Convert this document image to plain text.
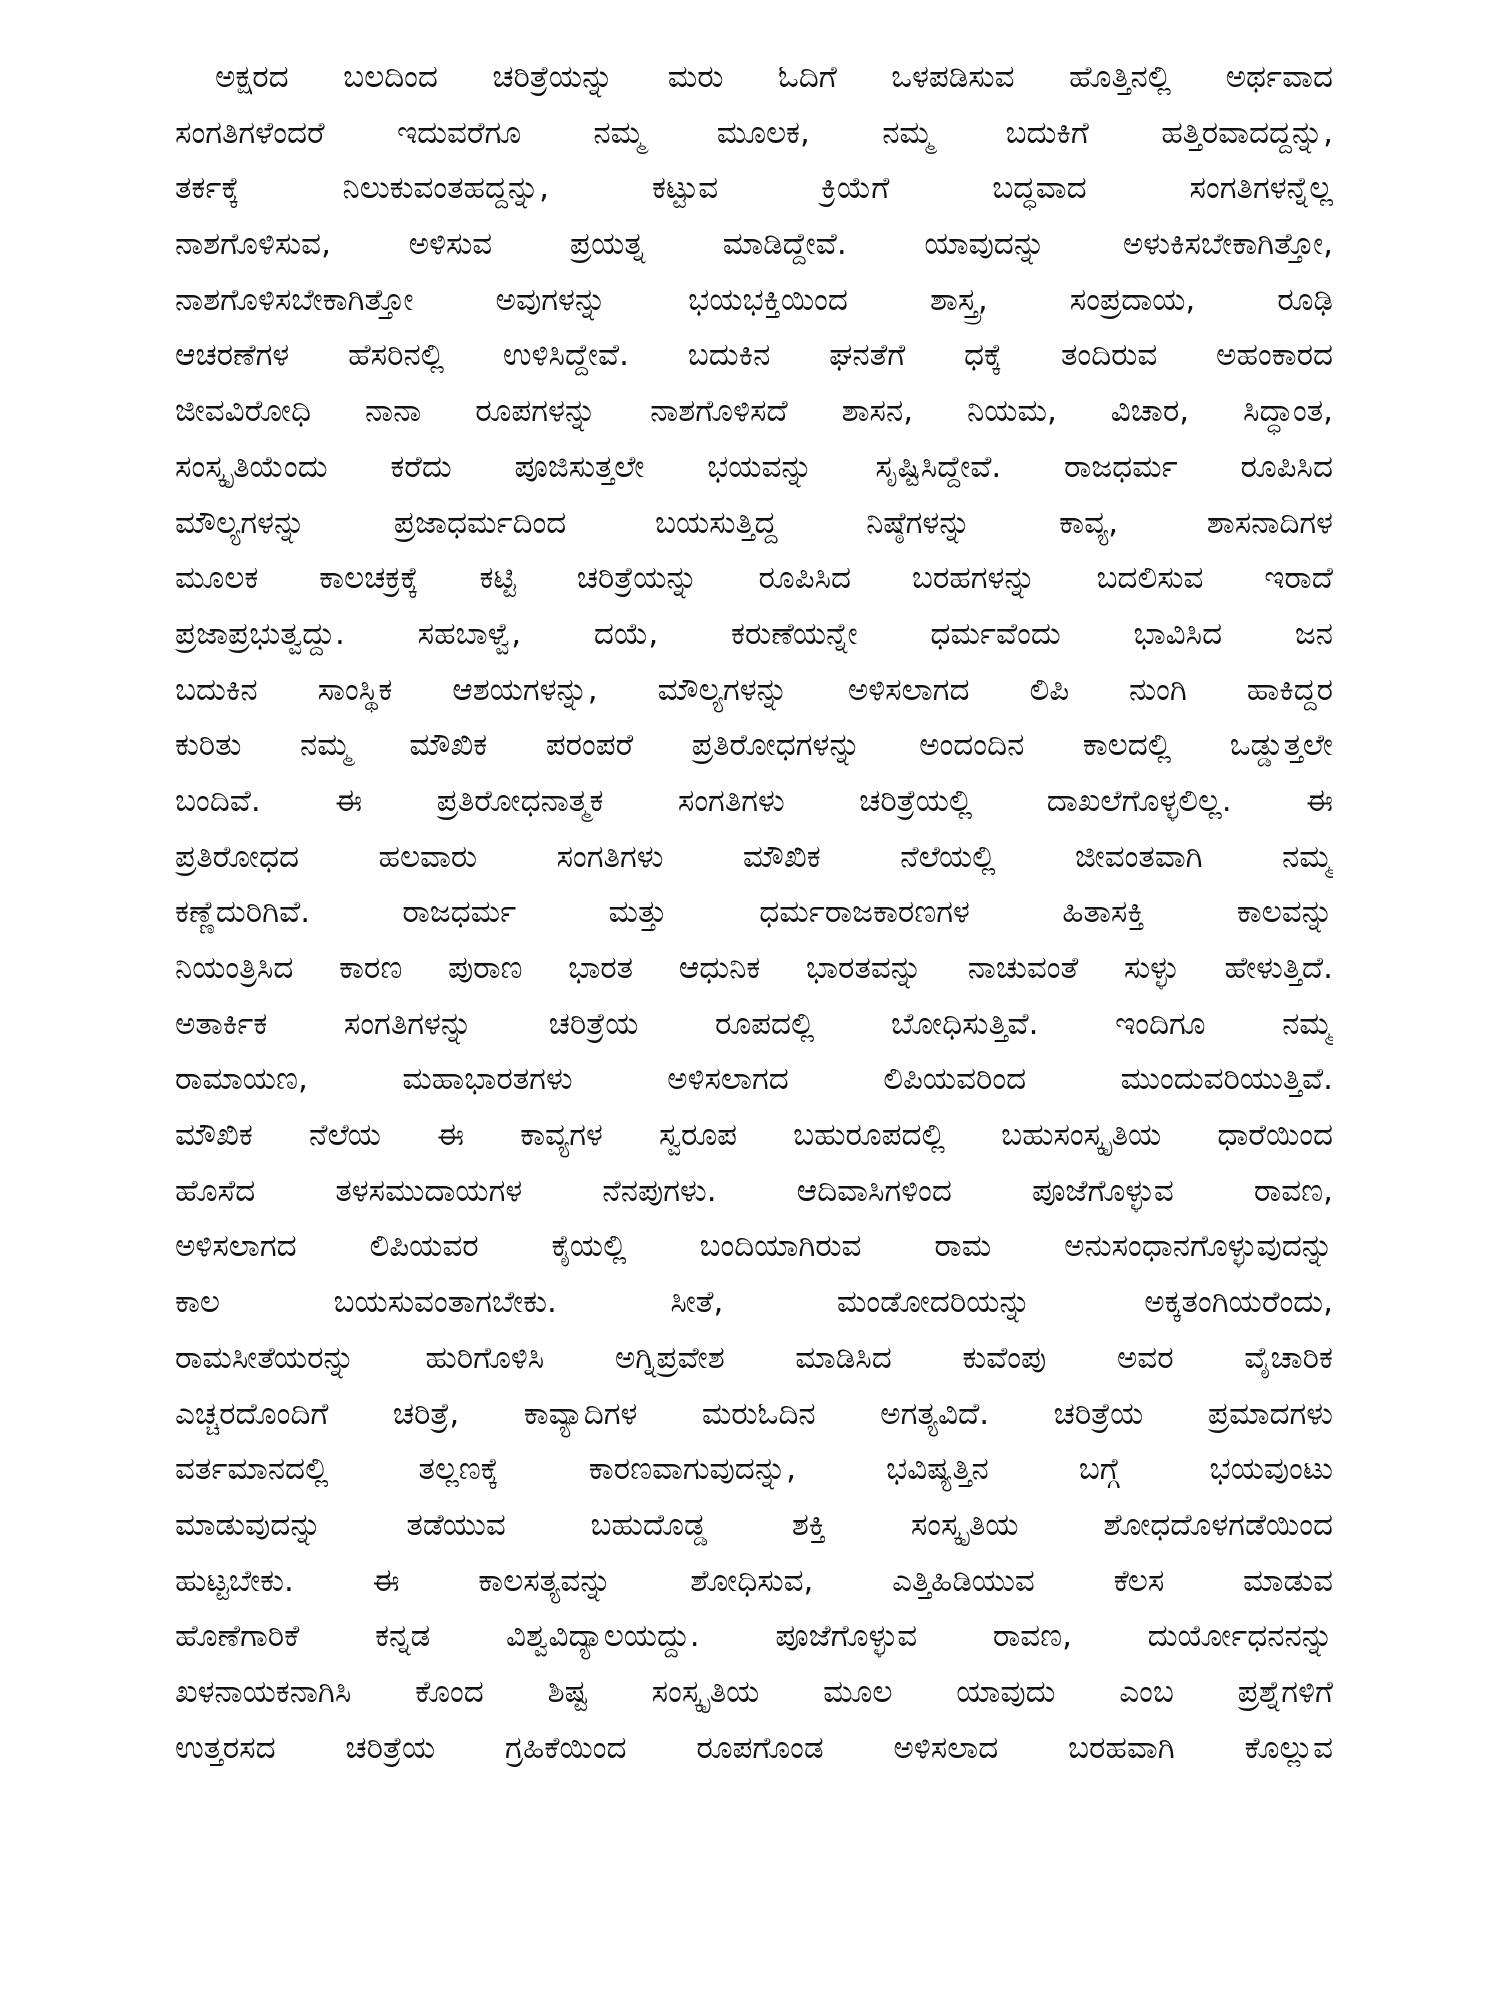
ಅಕ್ಷರದ ಬಲದಿಂದ ಚರಿತ್ರೆಯನ್ನು ಮರು ಓದಿಗೆ ಒಳಪಡಿಸುವ ಹೊತ್ತಿನಲ್ಲಿ ಅರ್ಥವಾದ
ಸಂಗತಿಗಳೆಂದರೆ ಇದುವರೆಗೂ ನಮ್ಮ ಮೂಲಕ, ನಮ್ಮ ಬದುಕಿಗೆ ಹತ್ತಿರವಾದದ್ದನ್ನು,
ತರ್ಕಕ್ಕೆ ನಿಲುಕುವಂತಹದ್ದನ್ನು, ಕಟ್ಟುವ ಕ್ರಿಯೆಗೆ ಬದ್ಧವಾದ ಸಂಗತಿಗಳನ್ನೆಲ್ಲ
ನಾಶಗೊಳಿಸುವ, ಅಳಿಸುವ ಪ್ರಯತ್ನ ಮಾಡಿದ್ದೇವೆ. ಯಾವುದನ್ನು ಅಳುಕಿಸಬೇಕಾಗಿತ್ತೋ,
ನಾಶಗೊಳಿಸಬೇಕಾಗಿತ್ತೋ ಅವುಗಳನ್ನು ಭಯಭಕ್ತಿಯಿಂದ ಶಾಸ್ತ್ರ, ಸಂಪ್ರದಾಯ, ರೂಢಿ
ಆಚರಣೆಗಳ ಹೆಸರಿನಲ್ಲಿ ಉಳಿಸಿದ್ದೇವೆ. ಬದುಕಿನ ಘನತೆಗೆ ಧಕ್ಕೆ ತಂದಿರುವ ಅಹಂಕಾರದ
ಜೀವವಿರೋಧಿ ನಾನಾ ರೂಪಗಳನ್ನು ನಾಶಗೊಳಿಸದೆ ಶಾಸನ, ನಿಯಮ, ವಿಚಾರ, ಸಿದ್ಧಾಂತ,
ಸಂಸ್ಕೃತಿಯೆಂದು ಕರೆದು ಪೂಜಿಸುತ್ತಲೇ ಭಯವನ್ನು ಸೃಷ್ಟಿಸಿದ್ದೇವೆ. ರಾಜಧರ್ಮ ರೂಪಿಸಿದ
ಮೌಲ್ಯಗಳನ್ನು ಪ್ರಜಾಧರ್ಮದಿಂದ ಬಯಸುತ್ತಿದ್ದ ನಿಷ್ಠೆಗಳನ್ನು ಕಾವ್ಯ, ಶಾಸನಾದಿಗಳ
ಮೂಲಕ ಕಾಲಚಕ್ರಕ್ಕೆ ಕಟ್ಟಿ ಚರಿತ್ರೆಯನ್ನು ರೂಪಿಸಿದ ಬರಹಗಳನ್ನು ಬದಲಿಸುವ ಇರಾದೆ
ಪ್ರಜಾಪ್ರಭುತ್ವದ್ದು. ಸಹಬಾಳ್ವೆ, ದಯೆ, ಕರುಣೆಯನ್ನೇ ಧರ್ಮವೆಂದು ಭಾವಿಸಿದ ಜನ
ಬದುಕಿನ ಸಾಂಸ್ಥಿಕ ಆಶಯಗಳನ್ನು, ಮೌಲ್ಯಗಳನ್ನು ಅಳಿಸಲಾಗದ ಲಿಪಿ ನುಂಗಿ ಹಾಕಿದ್ದರ
ಕುರಿತು ನಮ್ಮ ಮೌಖಿಕ ಪರಂಪರೆ ಪ್ರತಿರೋಧಗಳನ್ನು ಅಂದಂದಿನ ಕಾಲದಲ್ಲಿ ಒಡ್ಡುತ್ತಲೇ
ಬಂದಿವೆ. ಈ ಪ್ರತಿರೋಧನಾತ್ಮಕ ಸಂಗತಿಗಳು ಚರಿತ್ರೆಯಲ್ಲಿ ದಾಖಲೆಗೊಳ್ಳಲಿಲ್ಲ. ಈ
ಪ್ರತಿರೋಧದ ಹಲವಾರು ಸಂಗತಿಗಳು ಮೌಖಿಕ ನೆಲೆಯಲ್ಲಿ ಜೀವಂತವಾಗಿ ನಮ್ಮ
ಕಣ್ಣೆದುರಿಗಿವೆ. ರಾಜಧರ್ಮ ಮತ್ತು ಧರ್ಮರಾಜಕಾರಣಗಳ ಹಿತಾಸಕ್ತಿ ಕಾಲವನ್ನು
ನಿಯಂತ್ರಿಸಿದ ಕಾರಣ ಪುರಾಣ ಭಾರತ ಆಧುನಿಕ ಭಾರತವನ್ನು ನಾಚುವಂತೆ ಸುಳ್ಳು ಹೇಳುತ್ತಿದೆ.
ಅತಾರ್ಕಿಕ ಸಂಗತಿಗಳನ್ನು ಚರಿತ್ರೆಯ ರೂಪದಲ್ಲಿ ಬೋಧಿಸುತ್ತಿವೆ. ಇಂದಿಗೂ ನಮ್ಮ
ರಾಮಾಯಣ, ಮಹಾಭಾರತಗಳು ಅಳಿಸಲಾಗದ ಲಿಪಿಯವರಿಂದ ಮುಂದುವರಿಯುತ್ತಿವೆ.
ಮೌಖಿಕ ನೆಲೆಯ ಈ ಕಾವ್ಯಗಳ ಸ್ವರೂಪ ಬಹುರೂಪದಲ್ಲಿ ಬಹುಸಂಸ್ಕೃತಿಯ ಧಾರೆಯಿಂದ
ಹೊಸೆದ ತಳಸಮುದಾಯಗಳ ನೆನಪುಗಳು. ಆದಿವಾಸಿಗಳಿಂದ ಪೂಜೆಗೊಳ್ಳುವ ರಾವಣ,
ಅಳಿಸಲಾಗದ ಲಿಪಿಯವರ ಕೈಯಲ್ಲಿ ಬಂದಿಯಾಗಿರುವ ರಾಮ ಅನುಸಂಧಾನಗೊಳ್ಳುವುದನ್ನು
ಕಾಲ ಬಯಸುವಂತಾಗಬೇಕು. ಸೀತೆ, ಮಂಡೋದರಿಯನ್ನು ಅಕ್ಕತಂಗಿಯರೆಂದು,
ರಾಮಸೀತೆಯರನ್ನು ಹುರಿಗೊಳಿಸಿ ಅಗ್ನಿಪ್ರವೇಶ ಮಾಡಿಸಿದ ಕುವೆಂಪು ಅವರ ವೈಚಾರಿಕ
ಎಚ್ಚರದೊಂದಿಗೆ ಚರಿತ್ರೆ, ಕಾವ್ಯಾದಿಗಳ ಮರುಓದಿನ ಅಗತ್ಯವಿದೆ. ಚರಿತ್ರೆಯ ಪ್ರಮಾದಗಳು
ವರ್ತಮಾನದಲ್ಲಿ ತಲ್ಲಣಕ್ಕೆ ಕಾರಣವಾಗುವುದನ್ನು, ಭವಿಷ್ಯತ್ತಿನ ಬಗ್ಗೆ ಭಯವುಂಟು
ಮಾಡುವುದನ್ನು ತಡೆಯುವ ಬಹುದೊಡ್ಡ ಶಕ್ತಿ ಸಂಸ್ಕೃತಿಯ ಶೋಧದೊಳಗಡೆಯಿಂದ
ಹುಟ್ಟಬೇಕು. ಈ ಕಾಲಸತ್ಯವನ್ನು ಶೋಧಿಸುವ, ಎತ್ತಿಹಿಡಿಯುವ ಕೆಲಸ ಮಾಡುವ
ಹೊಣೆಗಾರಿಕೆ ಕನ್ನಡ ವಿಶ್ವವಿದ್ಯಾಲಯದ್ದು. ಪೂಜೆಗೊಳ್ಳುವ ರಾವಣ, ದುರ್ಯೋಧನನನ್ನು
ಖಳನಾಯಕನಾಗಿಸಿ ಕೊಂದ ಶಿಷ್ಟ ಸಂಸ್ಕೃತಿಯ ಮೂಲ ಯಾವುದು ಎಂಬ ಪ್ರಶ್ನೆಗಳಿಗೆ
ಉತ್ತರಸದ ಚರಿತ್ರೆಯ ಗ್ರಹಿಕೆಯಿಂದ ರೂಪಗೊಂಡ ಅಳಿಸಲಾದ ಬರಹವಾಗಿ ಕೊಲ್ಲುವ
